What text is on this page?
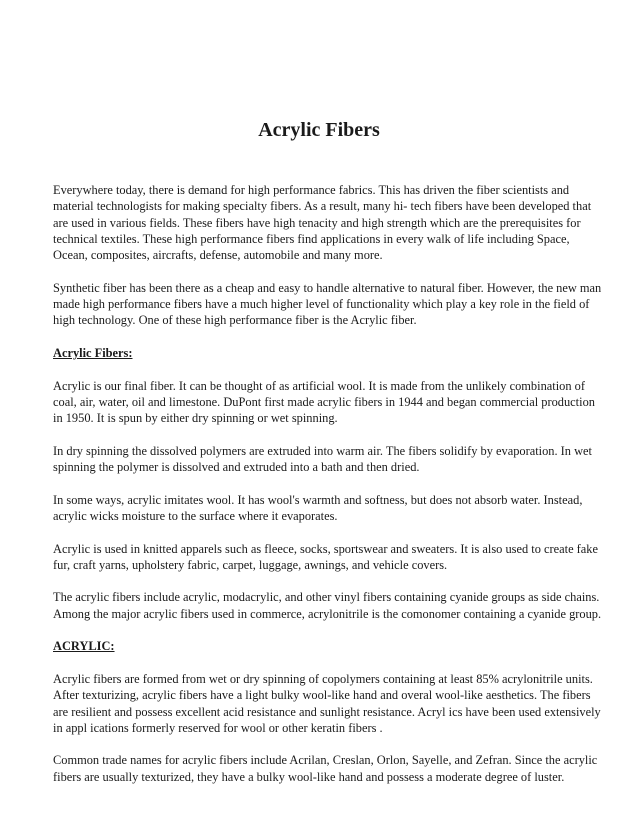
Acrylic Fibers

Everywhere today, there is demand for high performance fabrics. This has driven the fiber scientists and material technologists for making specialty fibers. As a result, many hi- tech fibers have been developed that are used in various fields. These fibers have high tenacity and high strength which are the prerequisites for technical textiles. These high performance fibers find applications in every walk of life including Space, Ocean, composites, aircrafts, defense, automobile and many more.

Synthetic fiber has been there as a cheap and easy to handle alternative to natural fiber. However, the new man made high performance fibers have a much higher level of functionality which play a key role in the field of high technology. One of these high performance fiber is the Acrylic fiber.

Acrylic Fibers:

Acrylic is our final fiber. It can be thought of as artificial wool. It is made from the unlikely combination of coal, air, water, oil and limestone. DuPont first made acrylic fibers in 1944 and began commercial production in 1950. It is spun by either dry spinning or wet spinning.

In dry spinning the dissolved polymers are extruded into warm air. The fibers solidify by evaporation. In wet spinning the polymer is dissolved and extruded into a bath and then dried.

In some ways, acrylic imitates wool. It has wool's warmth and softness, but does not absorb water. Instead, acrylic wicks moisture to the surface where it evaporates.

Acrylic is used in knitted apparels such as fleece, socks, sportswear and sweaters. It is also used to create fake fur, craft yarns, upholstery fabric, carpet, luggage, awnings, and vehicle covers.

The acrylic fibers include acrylic, modacrylic, and other vinyl fibers containing cyanide groups as side chains. Among the major acrylic fibers used in commerce, acrylonitrile is the comonomer containing a cyanide group.

ACRYLIC:

Acrylic fibers are formed from wet or dry spinning of copolymers containing at least 85% acrylonitrile units. After texturizing, acrylic fibers have a light bulky wool-like hand and overal wool-like aesthetics. The fibers are resilient and possess excellent acid resistance and sunlight resistance. Acryl ics have been used extensively in appl ications formerly reserved for wool or other keratin fibers .

Common trade names for acrylic fibers include Acrilan, Creslan, Orlon, Sayelle, and Zefran. Since the acrylic fibers are usually texturized, they have a bulky wool-like hand and possess a moderate degree of luster.
